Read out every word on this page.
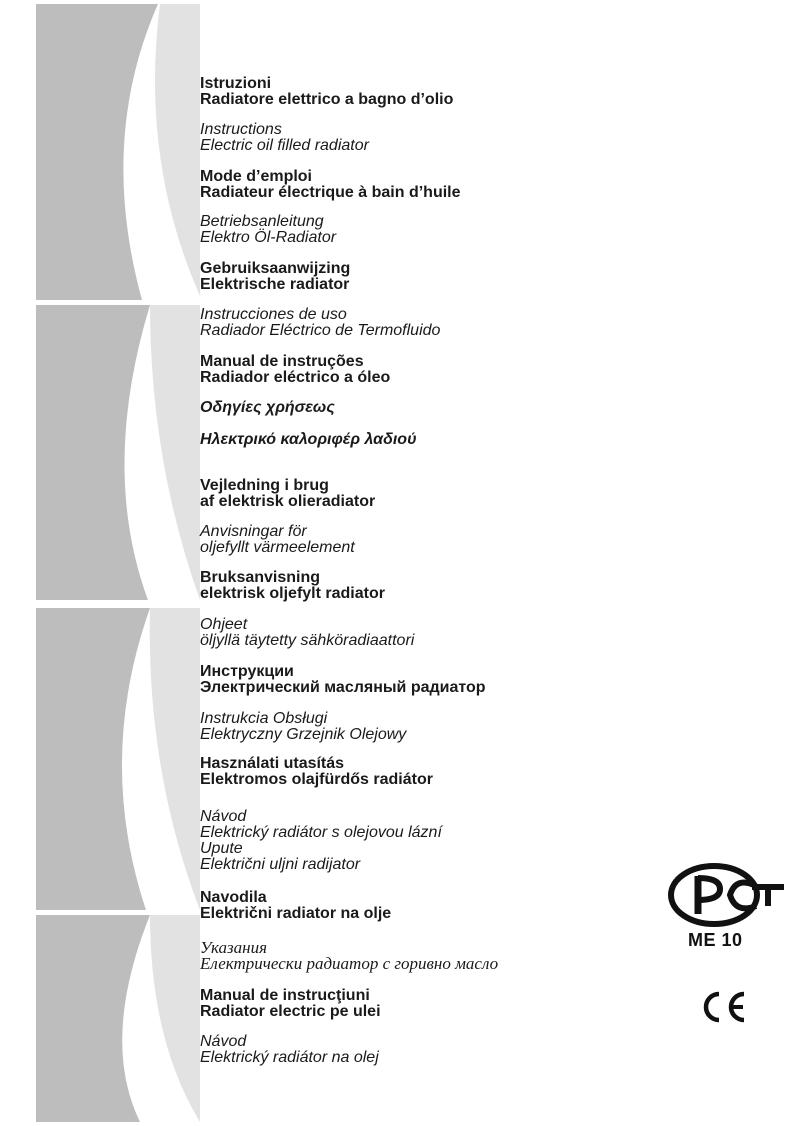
Istruzioni
Radiatore elettrico a bagno d’olio
Instructions
Electric oil filled radiator
Mode d’emploi
Radiateur électrique à bain d’huile
Betriebsanleitung
Elektro Öl-Radiator
Gebruiksaanwijzing
Elektrische radiator
Instrucciones de uso
Radiador Eléctrico de Termofluido
Manual de instruções
Radiador eléctrico a óleo
Οδηγίες χρήσεως
Ηλεκτρικό καλοριφέρ λαδιού
Vejledning i brug
af elektrisk olieradiator
Anvisningar för
oljefyllt värmeelement
Bruksanvisning
elektrisk oljefylt radiator
Ohjeet
öljyllä täytetty sähköradiaattori
Инструкции
Электрический масляный радиатор
Instrukcia Obsługi
Elektryczny Grzejnik Olejowy
Használati utasítás
Elektromos olajfürdős radiátor
Návod
Elektrický radiátor s olejovou lázní
Upute
Električni uljni radijator
Navodila
Električni radiator na olje
Указания
Електрически радиатор с горивно масло
Manual de instrucţiuni
Radiator electric pe ulei
Návod
Elektrický radiátor na olej
ME 10
